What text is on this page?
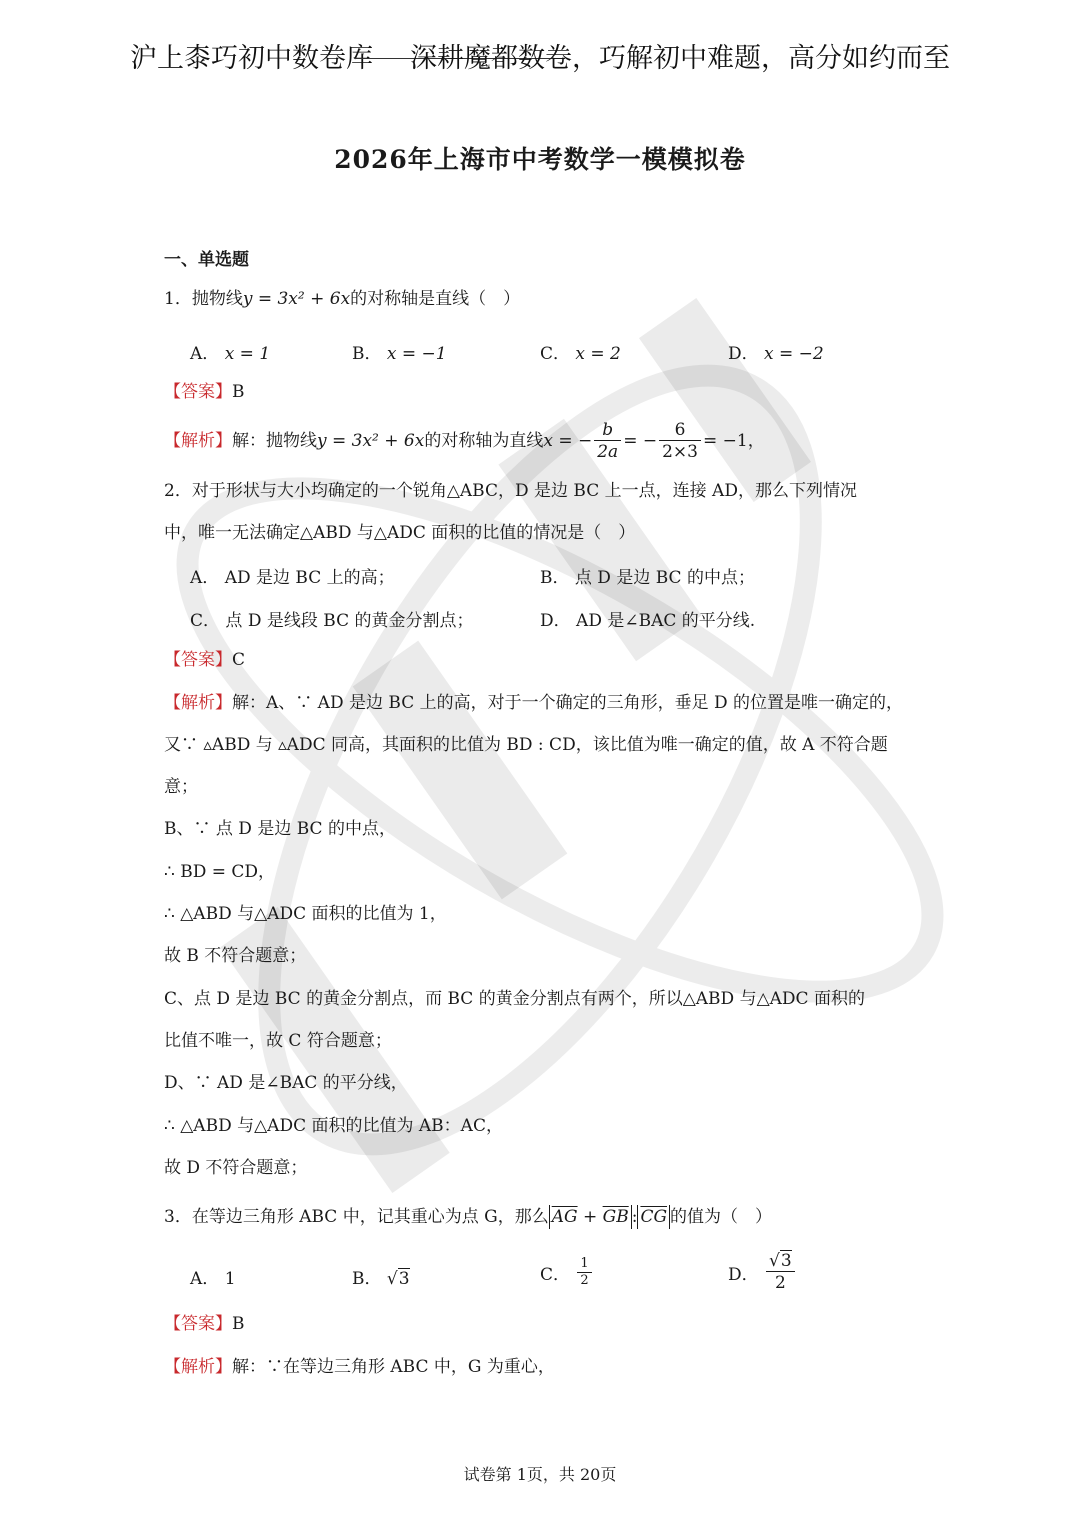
沪上桼巧初中数卷库 深耕魔都数卷，巧解初中难题，高分如约而至
2026年上海市中考数学一模模拟卷
一、单选题
1．抛物线y = 3x² + 6x的对称轴是直线（　）
A． x = 1	B． x = −1	C． x = 2	D． x = −2
【答案】B
【解析】解：抛物线y = 3x² + 6x的对称轴为直线x = − $\frac{b}{2a}$ = − $\frac{6}{2\times 3} = -1$，
2．对于形状与大小均确定的一个锐角△ABC，D 是边 BC 上一点，连接 AD，那么下列情况
中，唯一无法确定△ABD 与△ADC 面积的比值的情况是（　）
A． AD 是边 BC 上的高；	B． 点 D 是边 BC 的中点；
C． 点 D 是线段 BC 的黄金分割点；	D． AD 是∠BAC 的平分线.
【答案】C
【解析】解：A、∵ AD 是边 BC 上的高，对于一个确定的三角形，垂足 D 的位置是唯一确定的，
又∵ ▵ABD 与 ▵ADC 同高，其面积的比值为 BD : CD，该比值为唯一确定的值，故 A 不符合题
意；
B、∵ 点 D 是边 BC 的中点，
∴ BD = CD，
∴ △ABD 与△ADC 面积的比值为 1，
故 B 不符合题意；
C、点 D 是边 BC 的黄金分割点，而 BC 的黄金分割点有两个，所以△ABD 与△ADC 面积的
比值不唯一，故 C 符合题意；
D、∵ AD 是∠BAC 的平分线，
∴ △ABD 与△ADC 面积的比值为 AB：AC，
故 D 不符合题意；
3．在等边三角形 ABC 中，记其重心为点 G，那么 $\overline{AG} + \overline{GB}$ : $\overline{CG}$ 的值为（　）
A． 1	B． √3	C． $\frac{1}{2}$	D． $\frac{√3}{2}$
【答案】B
【解析】解：∵在等边三角形 ABC 中，G 为重心，
试卷第 1页，共 20页
